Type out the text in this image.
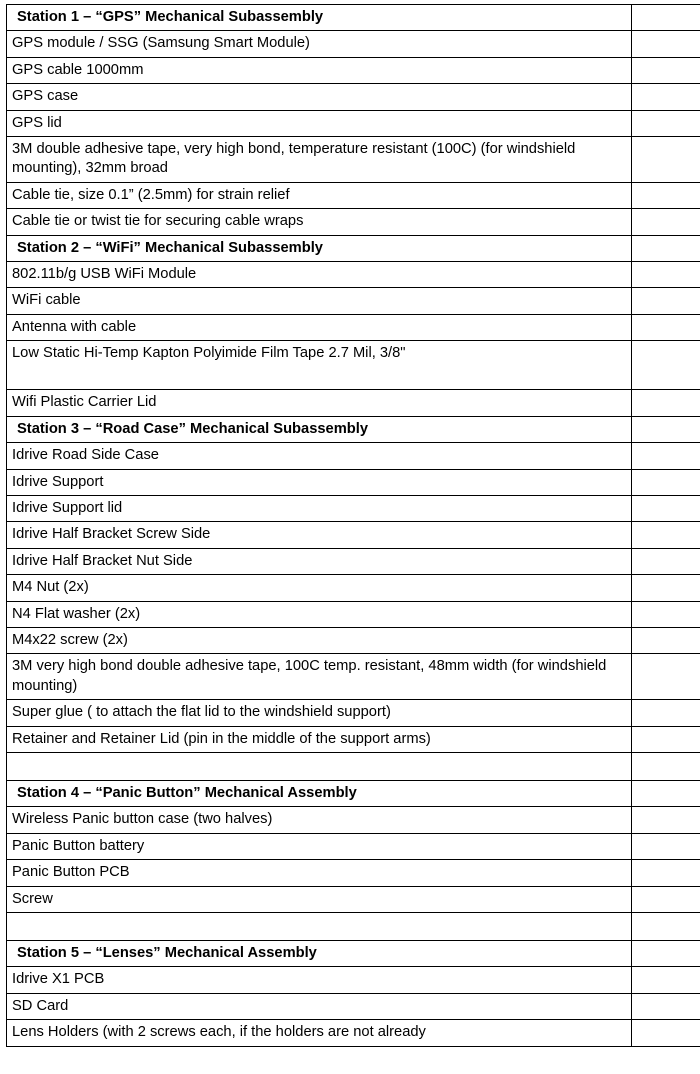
Station 1 – “GPS” Mechanical Subassembly	
GPS module / SSG (Samsung Smart Module)	
GPS cable 1000mm	
GPS case	
GPS lid	
3M double adhesive tape, very high bond, temperature resistant (100C) (for windshield mounting), 32mm broad	
Cable tie, size 0.1” (2.5mm) for strain relief	
Cable tie or twist tie for securing cable wraps	
Station 2 – “WiFi” Mechanical Subassembly	
802.11b/g USB WiFi Module	
WiFi cable	
Antenna with cable	
Low Static Hi-Temp Kapton Polyimide Film Tape 2.7 Mil, 3/8"	
Wifi Plastic Carrier Lid	
Station 3 – “Road Case” Mechanical Subassembly	
Idrive Road Side Case	
Idrive Support	
Idrive Support lid	
Idrive Half Bracket Screw Side	
Idrive Half Bracket Nut Side	
M4 Nut (2x)	
N4 Flat washer (2x)	
M4x22 screw (2x)	
3M very high bond double adhesive tape, 100C temp. resistant, 48mm width (for windshield mounting)	
Super glue ( to attach the flat lid to the windshield support)	
Retainer and Retainer Lid (pin in the middle of the support arms)	

Station 4 – “Panic Button” Mechanical Assembly	
Wireless Panic button case (two halves)	
Panic Button battery	
Panic Button PCB	
Screw	

Station 5 – “Lenses” Mechanical Assembly	
Idrive X1 PCB	
SD Card	
Lens Holders (with 2 screws each, if the holders are not already	
